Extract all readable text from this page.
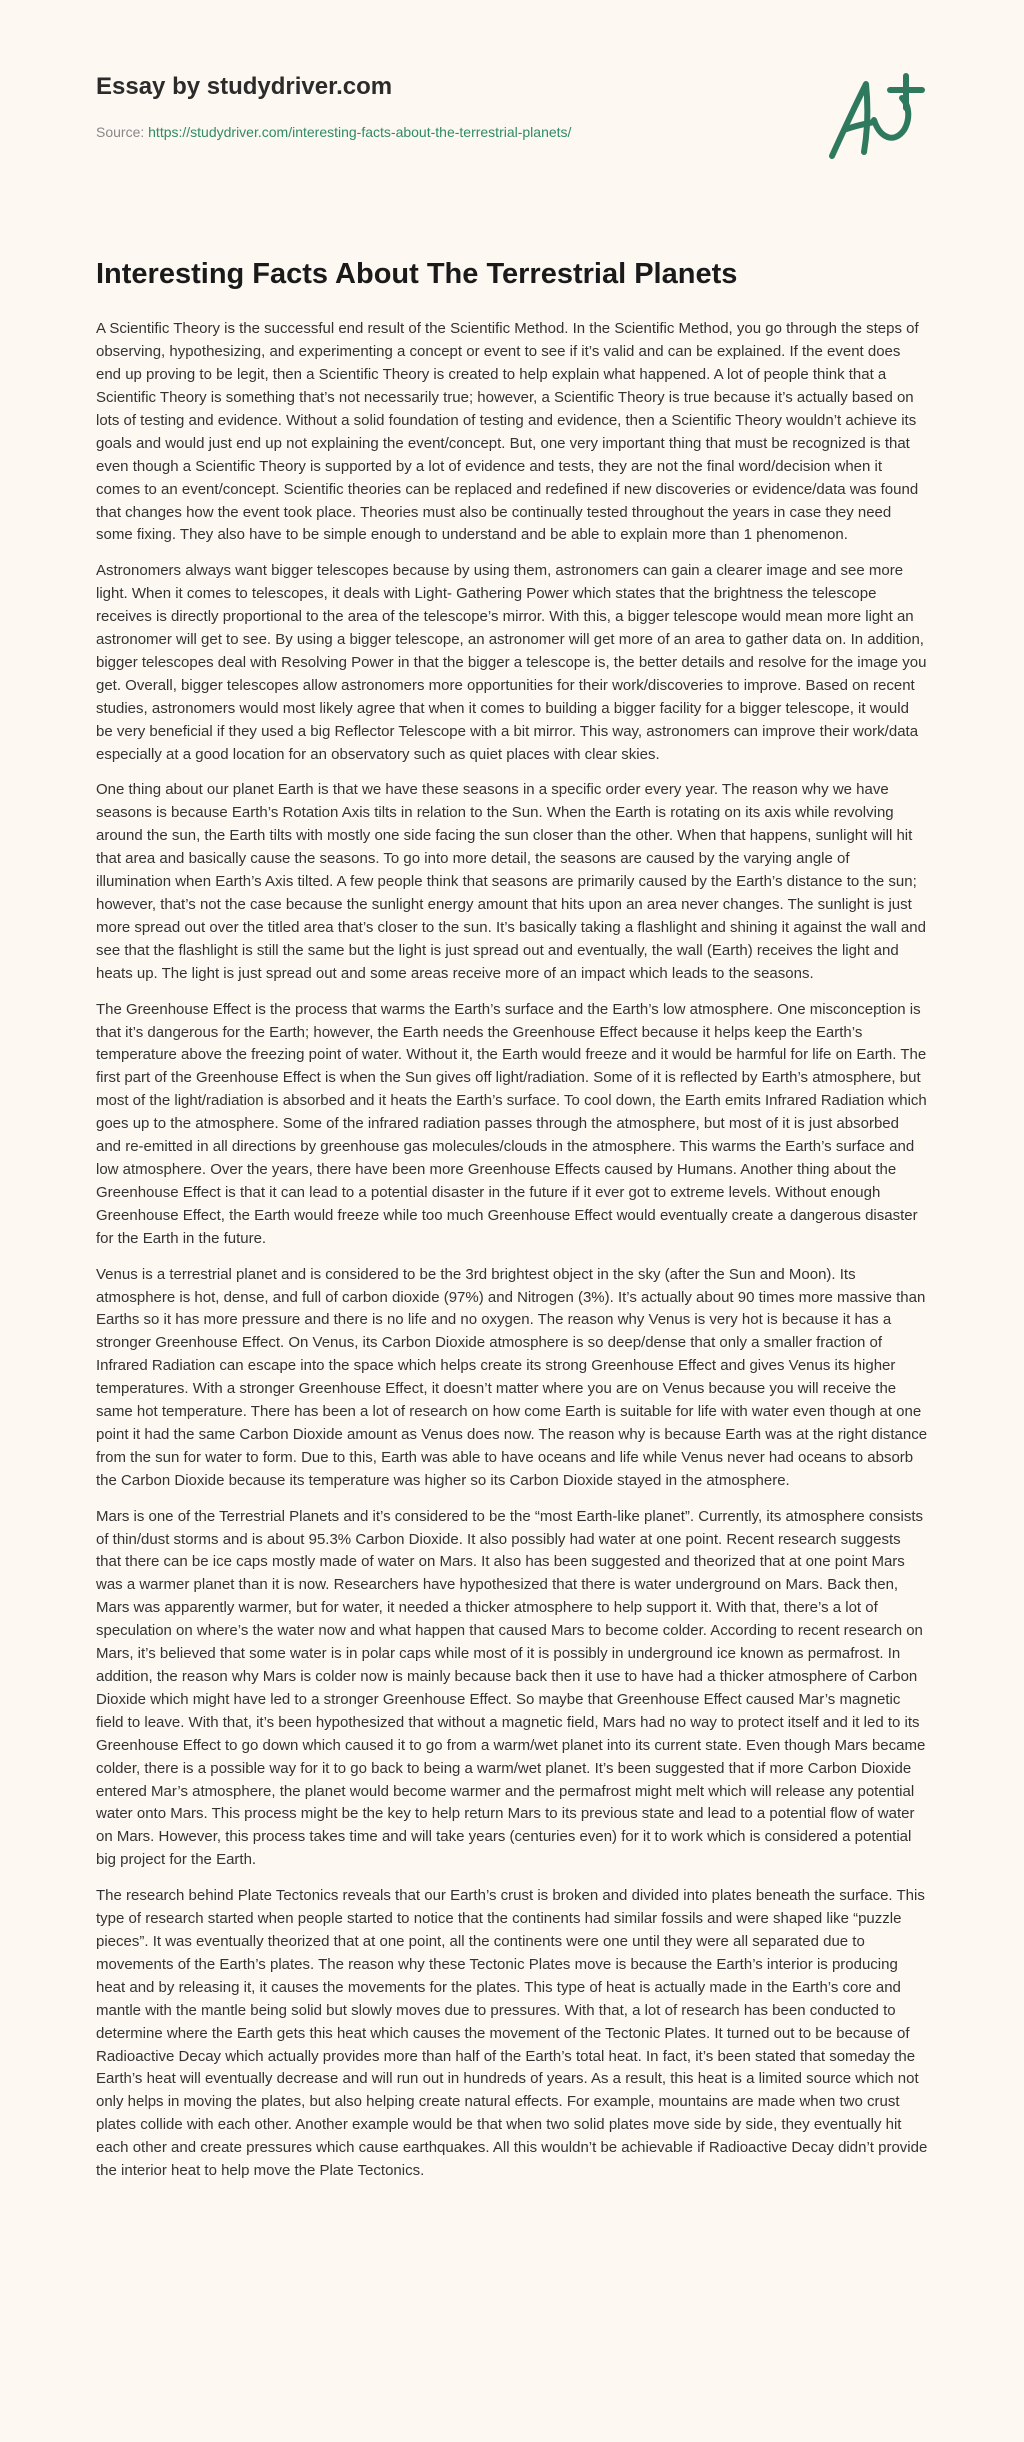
Essay by studydriver.com
Source: https://studydriver.com/interesting-facts-about-the-terrestrial-planets/
Interesting Facts About The Terrestrial Planets

A Scientific Theory is the successful end result of the Scientific Method. In the Scientific Method, you go through the steps of observing, hypothesizing, and experimenting a concept or event to see if it’s valid and can be explained. If the event does end up proving to be legit, then a Scientific Theory is created to help explain what happened. A lot of people think that a Scientific Theory is something that’s not necessarily true; however, a Scientific Theory is true because it’s actually based on lots of testing and evidence. Without a solid foundation of testing and evidence, then a Scientific Theory wouldn’t achieve its goals and would just end up not explaining the event/concept. But, one very important thing that must be recognized is that even though a Scientific Theory is supported by a lot of evidence and tests, they are not the final word/decision when it comes to an event/concept. Scientific theories can be replaced and redefined if new discoveries or evidence/data was found that changes how the event took place. Theories must also be continually tested throughout the years in case they need some fixing. They also have to be simple enough to understand and be able to explain more than 1 phenomenon.

Astronomers always want bigger telescopes because by using them, astronomers can gain a clearer image and see more light. When it comes to telescopes, it deals with Light- Gathering Power which states that the brightness the telescope receives is directly proportional to the area of the telescope’s mirror. With this, a bigger telescope would mean more light an astronomer will get to see. By using a bigger telescope, an astronomer will get more of an area to gather data on. In addition, bigger telescopes deal with Resolving Power in that the bigger a telescope is, the better details and resolve for the image you get. Overall, bigger telescopes allow astronomers more opportunities for their work/discoveries to improve. Based on recent studies, astronomers would most likely agree that when it comes to building a bigger facility for a bigger telescope, it would be very beneficial if they used a big Reflector Telescope with a bit mirror. This way, astronomers can improve their work/data especially at a good location for an observatory such as quiet places with clear skies.

One thing about our planet Earth is that we have these seasons in a specific order every year. The reason why we have seasons is because Earth’s Rotation Axis tilts in relation to the Sun. When the Earth is rotating on its axis while revolving around the sun, the Earth tilts with mostly one side facing the sun closer than the other. When that happens, sunlight will hit that area and basically cause the seasons. To go into more detail, the seasons are caused by the varying angle of illumination when Earth’s Axis tilted. A few people think that seasons are primarily caused by the Earth’s distance to the sun; however, that’s not the case because the sunlight energy amount that hits upon an area never changes. The sunlight is just more spread out over the titled area that’s closer to the sun. It’s basically taking a flashlight and shining it against the wall and see that the flashlight is still the same but the light is just spread out and eventually, the wall (Earth) receives the light and heats up. The light is just spread out and some areas receive more of an impact which leads to the seasons.

The Greenhouse Effect is the process that warms the Earth’s surface and the Earth’s low atmosphere. One misconception is that it’s dangerous for the Earth; however, the Earth needs the Greenhouse Effect because it helps keep the Earth’s temperature above the freezing point of water. Without it, the Earth would freeze and it would be harmful for life on Earth. The first part of the Greenhouse Effect is when the Sun gives off light/radiation. Some of it is reflected by Earth’s atmosphere, but most of the light/radiation is absorbed and it heats the Earth’s surface. To cool down, the Earth emits Infrared Radiation which goes up to the atmosphere. Some of the infrared radiation passes through the atmosphere, but most of it is just absorbed and re-emitted in all directions by greenhouse gas molecules/clouds in the atmosphere. This warms the Earth’s surface and low atmosphere. Over the years, there have been more Greenhouse Effects caused by Humans. Another thing about the Greenhouse Effect is that it can lead to a potential disaster in the future if it ever got to extreme levels. Without enough Greenhouse Effect, the Earth would freeze while too much Greenhouse Effect would eventually create a dangerous disaster for the Earth in the future.

Venus is a terrestrial planet and is considered to be the 3rd brightest object in the sky (after the Sun and Moon). Its atmosphere is hot, dense, and full of carbon dioxide (97%) and Nitrogen (3%). It’s actually about 90 times more massive than Earths so it has more pressure and there is no life and no oxygen. The reason why Venus is very hot is because it has a stronger Greenhouse Effect. On Venus, its Carbon Dioxide atmosphere is so deep/dense that only a smaller fraction of Infrared Radiation can escape into the space which helps create its strong Greenhouse Effect and gives Venus its higher temperatures. With a stronger Greenhouse Effect, it doesn’t matter where you are on Venus because you will receive the same hot temperature. There has been a lot of research on how come Earth is suitable for life with water even though at one point it had the same Carbon Dioxide amount as Venus does now. The reason why is because Earth was at the right distance from the sun for water to form. Due to this, Earth was able to have oceans and life while Venus never had oceans to absorb the Carbon Dioxide because its temperature was higher so its Carbon Dioxide stayed in the atmosphere.

Mars is one of the Terrestrial Planets and it’s considered to be the “most Earth-like planet”. Currently, its atmosphere consists of thin/dust storms and is about 95.3% Carbon Dioxide. It also possibly had water at one point. Recent research suggests that there can be ice caps mostly made of water on Mars. It also has been suggested and theorized that at one point Mars was a warmer planet than it is now. Researchers have hypothesized that there is water underground on Mars. Back then, Mars was apparently warmer, but for water, it needed a thicker atmosphere to help support it. With that, there’s a lot of speculation on where’s the water now and what happen that caused Mars to become colder. According to recent research on Mars, it’s believed that some water is in polar caps while most of it is possibly in underground ice known as permafrost. In addition, the reason why Mars is colder now is mainly because back then it use to have had a thicker atmosphere of Carbon Dioxide which might have led to a stronger Greenhouse Effect. So maybe that Greenhouse Effect caused Mar’s magnetic field to leave. With that, it’s been hypothesized that without a magnetic field, Mars had no way to protect itself and it led to its Greenhouse Effect to go down which caused it to go from a warm/wet planet into its current state. Even though Mars became colder, there is a possible way for it to go back to being a warm/wet planet. It’s been suggested that if more Carbon Dioxide entered Mar’s atmosphere, the planet would become warmer and the permafrost might melt which will release any potential water onto Mars. This process might be the key to help return Mars to its previous state and lead to a potential flow of water on Mars. However, this process takes time and will take years (centuries even) for it to work which is considered a potential big project for the Earth.

The research behind Plate Tectonics reveals that our Earth’s crust is broken and divided into plates beneath the surface. This type of research started when people started to notice that the continents had similar fossils and were shaped like “puzzle pieces”. It was eventually theorized that at one point, all the continents were one until they were all separated due to movements of the Earth’s plates. The reason why these Tectonic Plates move is because the Earth’s interior is producing heat and by releasing it, it causes the movements for the plates. This type of heat is actually made in the Earth’s core and mantle with the mantle being solid but slowly moves due to pressures. With that, a lot of research has been conducted to determine where the Earth gets this heat which causes the movement of the Tectonic Plates. It turned out to be because of Radioactive Decay which actually provides more than half of the Earth’s total heat. In fact, it’s been stated that someday the Earth’s heat will eventually decrease and will run out in hundreds of years. As a result, this heat is a limited source which not only helps in moving the plates, but also helping create natural effects. For example, mountains are made when two crust plates collide with each other. Another example would be that when two solid plates move side by side, they eventually hit each other and create pressures which cause earthquakes. All this wouldn’t be achievable if Radioactive Decay didn’t provide the interior heat to help move the Plate Tectonics.
